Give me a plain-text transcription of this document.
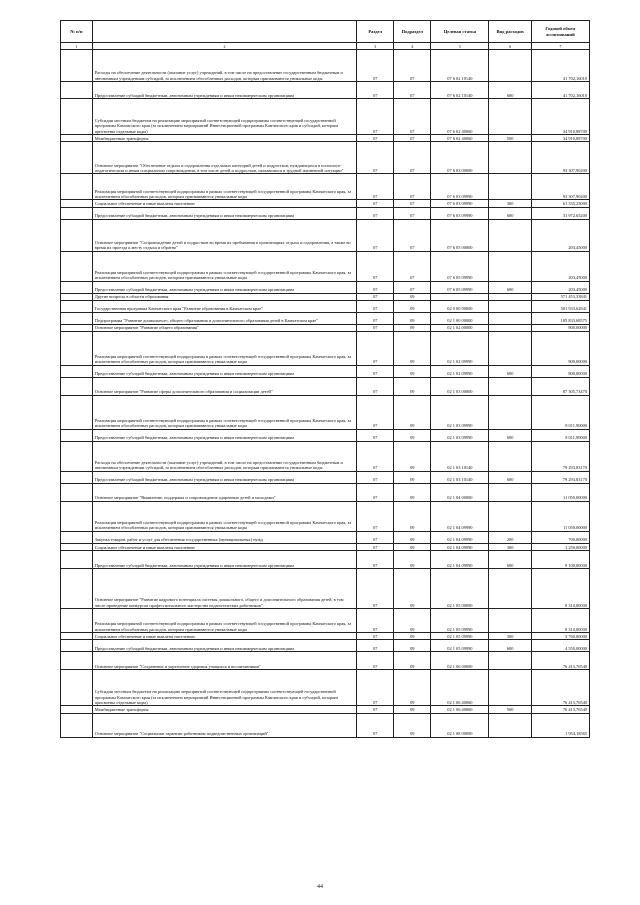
№ п/п		Раздел	Подраздел	Целевая статья	Вид расходов	Годовой объем ассигнований
1	2	3	4	5	6	7
	Расходы на обеспечение деятельности (оказание услуг) учреждений, в том числе на предоставление государственным бюджетным и автономным учреждениям субсидий, за исключением обособленных расходов, которым присваиваются уникальные коды	07	07	07 6 02 10140		41 702,16010
	Предоставление субсидий бюджетным, автономным учреждениям и иным некоммерческим организациям	07	07	07 6 02 10140	600	41 702,16010
	Субсидии местным бюджетам на реализацию мероприятий соответствующей подпрограммы соответствующей государственной программы Камчатского края (за исключением мероприятий Инвестиционной программы Камчатского края и субсидий, которым присвоены отдельные коды)	07	07	07 6 02 40060		34 910,88700
	Межбюджетные трансферты	07	07	07 6 02 40060	500	34 910,88700
	Основное мероприятие "Обеспечение отдыха и оздоровления отдельных категорий детей и подростков, нуждающихся в психолого-педагогическом и иным специальном сопровождении, в том числе детей и подростков, оказавшихся в трудной жизненной ситуации"	07	07	07 6 03 00000		93 307,90200
	Реализация мероприятий соответствующей подпрограммы в рамках соответствующей государственной программы Камчатского края, за исключением обособленных расходов, которым присваиваются уникальные коды	07	07	07 6 03 09990		93 307,90200
	Социальное обеспечение и иные выплаты населению	07	07	07 6 03 09990	300	61 335,25000
	Предоставление субсидий бюджетным, автономным учреждениям и иным некоммерческим организациям	07	07	07 6 03 09990	600	31 972,65200
	Основное мероприятие "Сопровождение детей и подростков во время их пребывания в организациях отдыха и оздоровления, а также во время их проезда к месту отдыха и обратно"	07	07	07 6 05 00000		203,45000
	Реализация мероприятий соответствующей подпрограммы в рамках соответствующей государственной программы Камчатского края, за исключением обособленных расходов, которым присваиваются уникальные коды	07	07	07 6 05 09990		203,45000
	Предоставление субсидий бюджетным, автономным учреждениям и иным некоммерческим организациям	07	07	07 6 05 09990	600	203,45000
	Другие вопросы в области образования	07	09			571 453,33841
	Государственная программа Камчатского края "Развитие образования в Камчатском крае"	07	09	02 0 00 00000		501 933,62841
	Подпрограмма "Развитие дошкольного, общего образования и дополнительного образования детей в Камчатском крае"	07	09	02 1 00 00000		185 833,68575
	Основное мероприятие "Развитие общего образования"	07	09	02 1 02 00000		800,00000
	Реализация мероприятий соответствующей подпрограммы в рамках соответствующей государственной программы Камчатского края, за исключением обособленных расходов, которым присваиваются уникальные коды	07	09	02 1 02 09990		800,00000
	Предоставление субсидий бюджетным, автономным учреждениям и иным некоммерческим организациям	07	09	02 1 02 09990	600	800,00000
	Основное мероприятие "Развитие сферы дополнительного образования и социализации детей"	07	09	02 1 03 00000		87 305,73470
	Реализация мероприятий соответствующей подпрограммы в рамках соответствующей государственной программы Камчатского края, за исключением обособленных расходов, которым присваиваются уникальные коды	07	09	02 1 03 09990		8 011,90000
	Предоставление субсидий бюджетным, автономным учреждениям и иным некоммерческим организациям	07	09	02 1 03 09990	600	8 011,90000
	Расходы на обеспечение деятельности (оказание услуг) учреждений, в том числе на предоставление государственным бюджетным и автономным учреждениям субсидий, за исключением обособленных расходов, которым присваиваются уникальные коды	07	09	02 1 03 10140		79 293,83170
	Предоставление субсидий бюджетным, автономным учреждениям и иным некоммерческим организациям	07	09	02 1 03 10140	600	79 293,83170
	Основное мероприятие "Выявление, поддержка и сопровождение одаренных детей и молодежи"	07	09	02 1 04 00000		11 050,00000
	Реализация мероприятий соответствующей подпрограммы в рамках соответствующей государственной программы Камчатского края, за исключением обособленных расходов, которым присваиваются уникальные коды	07	09	02 1 04 09990		11 050,00000
	Закупка товаров, работ и услуг для обеспечения государственных (муниципальных) нужд	07	09	02 1 04 09990	200	700,00000
	Социальное обеспечение и иные выплаты населению	07	09	02 1 04 09990	300	1 250,00000
	Предоставление субсидий бюджетным, автономным учреждениям и иным некоммерческим организациям	07	09	02 1 04 09990	600	9 100,00000
	Основное мероприятие "Развитие кадрового потенциала системы дошкольного, общего и дополнительного образования детей, в том числе проведение конкурсов профессионального мастерства педагогических работников"	07	09	02 1 05 00000		8 310,00000
	Реализация мероприятий соответствующей подпрограммы в рамках соответствующей государственной программы Камчатского края, за исключением обособленных расходов, которым присваиваются уникальные коды	07	09	02 1 05 09990		8 310,00000
	Социальное обеспечение и иные выплаты населению	07	09	02 1 05 09990	300	3 760,00000
	Предоставление субсидий бюджетным, автономным учреждениям и иным некоммерческим организациям	07	09	02 1 05 09990	600	4 550,00000
	Основное мероприятие "Сохранение и укрепление здоровья учащихся и воспитанников"	07	09	02 1 06 00000		76 413,76540
	Субсидии местным бюджетам на реализацию мероприятий соответствующей подпрограммы соответствующей государственной программы Камчатского края (за исключением мероприятий Инвестиционной программы Камчатского края и субсидий, которым присвоены отдельные коды)	07	09	02 1 06 40060		76 413,76540
	Межбюджетные трансферты	07	09	02 1 06 40060	500	76 413,76540
	Основное мероприятие "Социальные гарантии работникам подведомственных организаций"	07	09	02 1 08 00000		1 954,18565
44
